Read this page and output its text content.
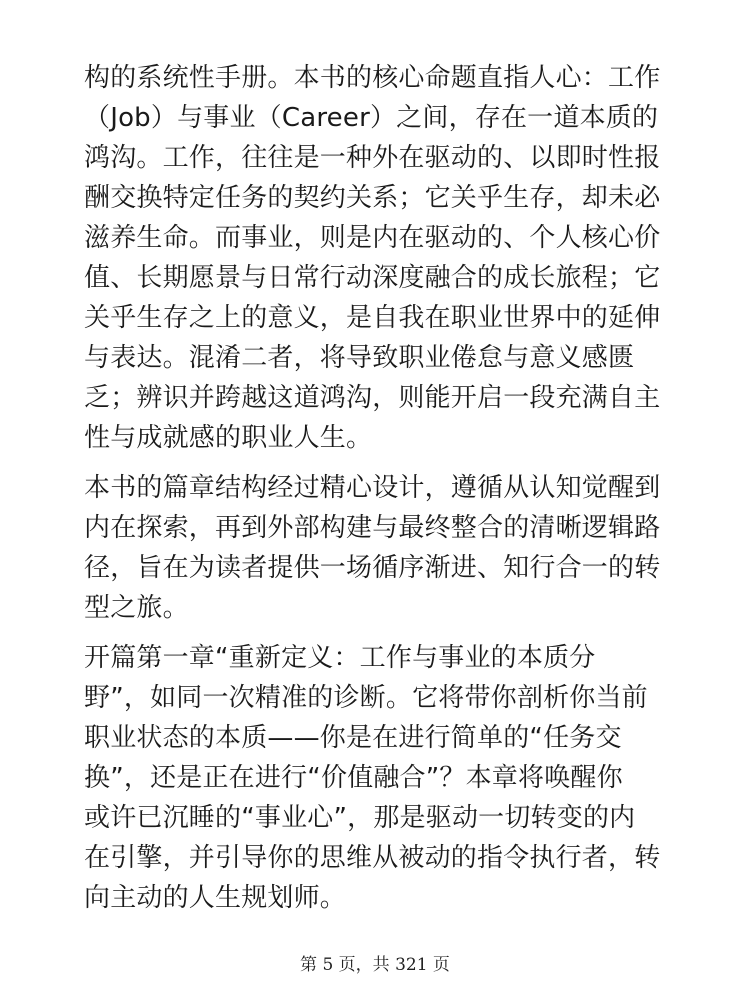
构的系统性手册。本书的核心命题直指人心：工作
（Job）与事业（Career）之间，存在一道本质的
鸿沟。工作，往往是一种外在驱动的、以即时性报
酬交换特定任务的契约关系；它关乎生存，却未必
滋养生命。而事业，则是内在驱动的、个人核心价
值、长期愿景与日常行动深度融合的成长旅程；它
关乎生存之上的意义，是自我在职业世界中的延伸
与表达。混淆二者，将导致职业倦怠与意义感匮
乏；辨识并跨越这道鸿沟，则能开启一段充满自主
性与成就感的职业人生。

本书的篇章结构经过精心设计，遵循从认知觉醒到
内在探索，再到外部构建与最终整合的清晰逻辑路
径，旨在为读者提供一场循序渐进、知行合一的转
型之旅。

开篇第一章“重新定义：工作与事业的本质分
野”，如同一次精准的诊断。它将带你剖析你当前
职业状态的本质——你是在进行简单的“任务交
换”，还是正在进行“价值融合”？本章将唤醒你
或许已沉睡的“事业心”，那是驱动一切转变的内
在引擎，并引导你的思维从被动的指令执行者，转
向主动的人生规划师。

第 5 页，共 321 页
